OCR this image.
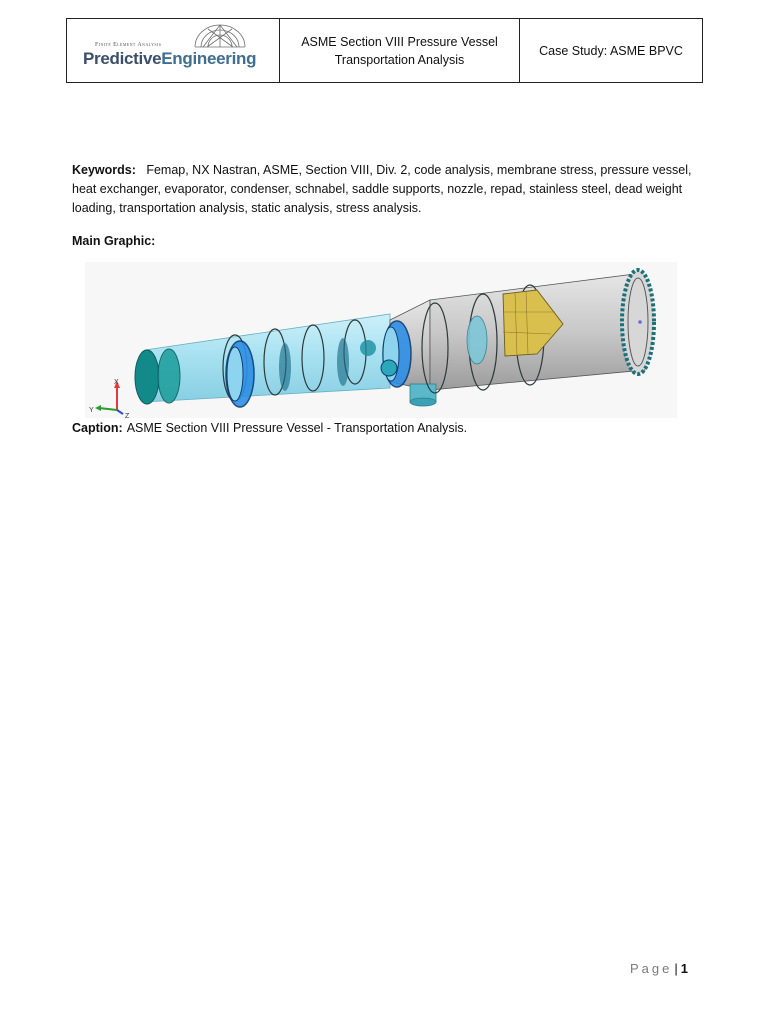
Finite Element Analysis
PredictiveEngineering

ASME Section VIII Pressure Vessel
Transportation Analysis
	Case Study: ASME BPVC
Keywords: Femap, NX Nastran, ASME, Section VIII, Div. 2, code analysis, membrane stress, pressure vessel, heat exchanger, evaporator, condenser, schnabel, saddle supports, nozzle, repad, stainless steel, dead weight loading, transportation analysis, static analysis, stress analysis.
Main Graphic:
X
Y
Z
Caption: ASME Section VIII Pressure Vessel - Transportation Analysis.
Page | 1
